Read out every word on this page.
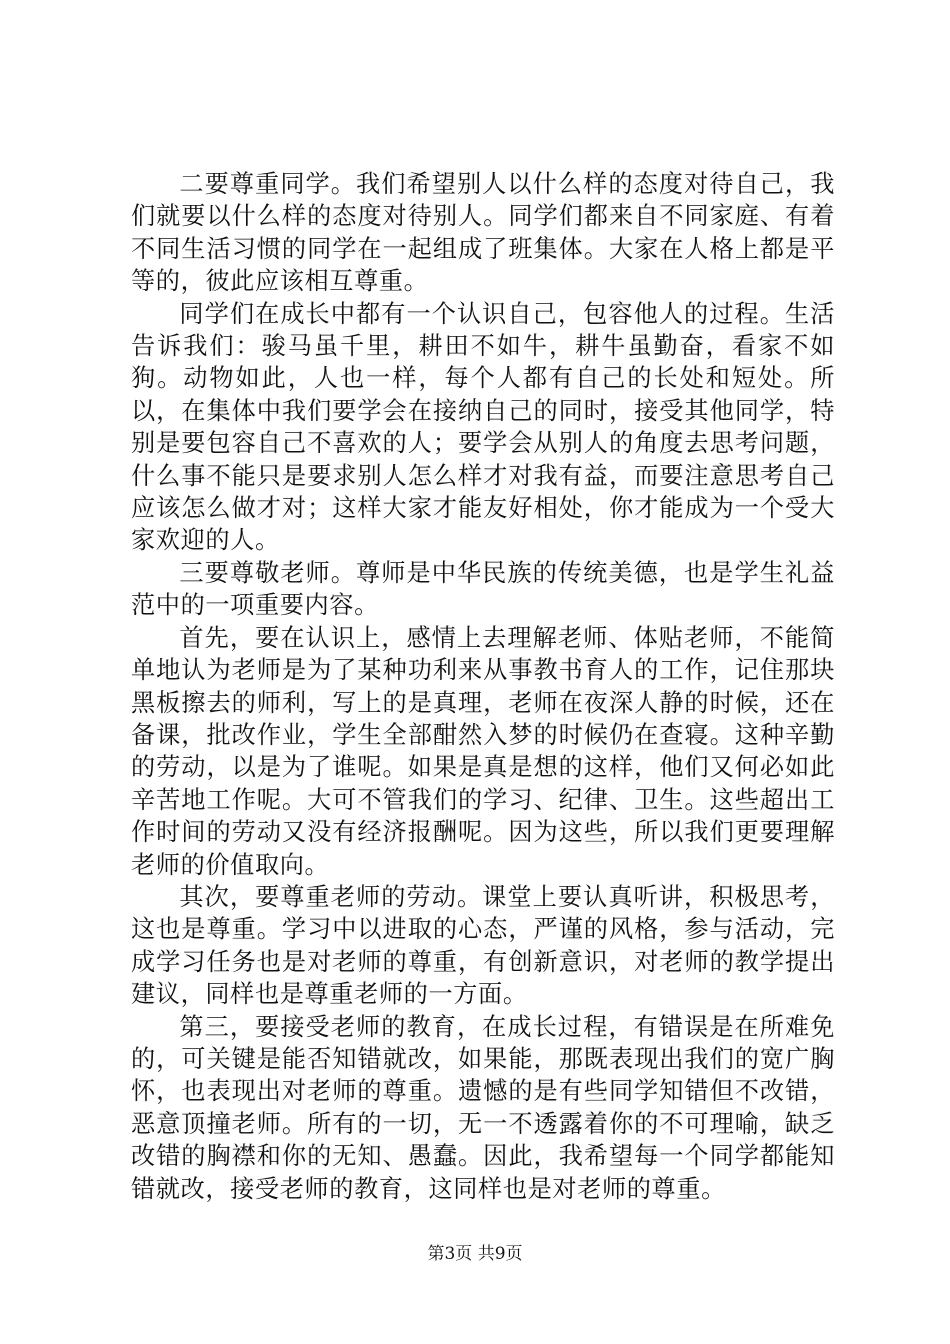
二要尊重同学。我们希望别人以什么样的态度对待自己，我们就要以什么样的态度对待别人。同学们都来自不同家庭、有着不同生活习惯的同学在一起组成了班集体。大家在人格上都是平等的，彼此应该相互尊重。

同学们在成长中都有一个认识自己，包容他人的过程。生活告诉我们：骏马虽千里，耕田不如牛，耕牛虽勤奋，看家不如狗。动物如此，人也一样，每个人都有自己的长处和短处。所以，在集体中我们要学会在接纳自己的同时，接受其他同学，特别是要包容自己不喜欢的人；要学会从别人的角度去思考问题，什么事不能只是要求别人怎么样才对我有益，而要注意思考自己应该怎么做才对；这样大家才能友好相处，你才能成为一个受大家欢迎的人。

三要尊敬老师。尊师是中华民族的传统美德，也是学生礼益范中的一项重要内容。

首先，要在认识上，感情上去理解老师、体贴老师，不能简单地认为老师是为了某种功利来从事教书育人的工作，记住那块黑板擦去的师利，写上的是真理，老师在夜深人静的时候，还在备课，批改作业，学生全部酣然入梦的时候仍在查寝。这种辛勤的劳动，以是为了谁呢。如果是真是想的这样，他们又何必如此辛苦地工作呢。大可不管我们的学习、纪律、卫生。这些超出工作时间的劳动又没有经济报酬呢。因为这些，所以我们更要理解老师的价值取向。

其次，要尊重老师的劳动。课堂上要认真听讲，积极思考，这也是尊重。学习中以进取的心态，严谨的风格，参与活动，完成学习任务也是对老师的尊重，有创新意识，对老师的教学提出建议，同样也是尊重老师的一方面。

第三，要接受老师的教育，在成长过程，有错误是在所难免的，可关键是能否知错就改，如果能，那既表现出我们的宽广胸怀，也表现出对老师的尊重。遗憾的是有些同学知错但不改错，恶意顶撞老师。所有的一切，无一不透露着你的不可理喻，缺乏改错的胸襟和你的无知、愚蠢。因此，我希望每一个同学都能知错就改，接受老师的教育，这同样也是对老师的尊重。

第3页 共9页
